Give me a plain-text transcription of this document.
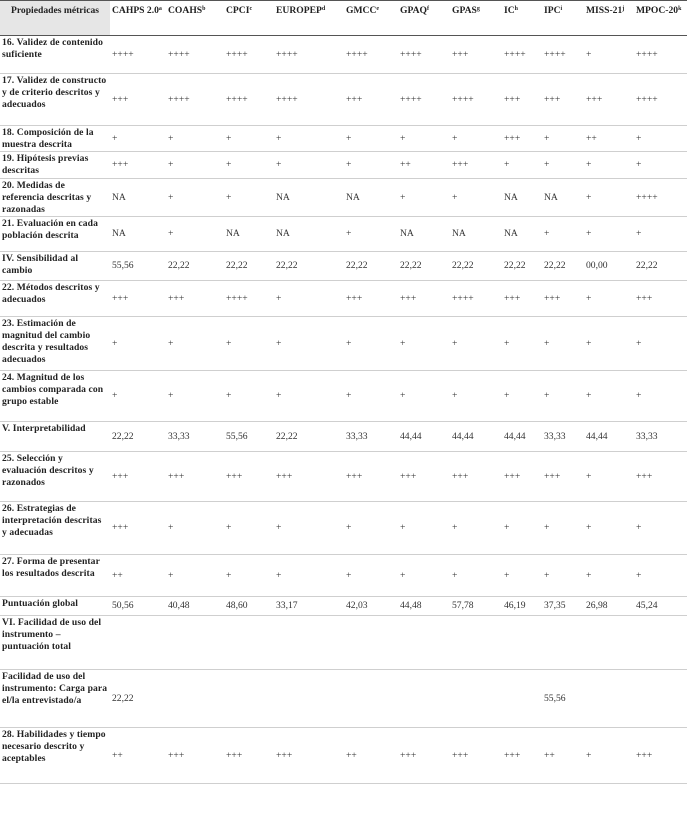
Propiedades métricas	CAHPS 2.0$^a$	COAHS$^b$	CPCI$^c$	EUROPEP$^d$	GMCC$^e$	GPAQ$^f$	GPAS$^g$	$IC^h$	IPC$^i$	MISS-21$^j$	MPOC-20$^k$
16. Validez de contenido suficiente	++++	++++	++++	++++	++++	++++	+++	++++	++++	+	++++
17. Validez de constructo y de criterio descritos y adecuados	+++	++++	++++	++++	+++	++++	++++	+++	+++	+++	++++
18. Composición de la muestra descrita	+	+	+	+	+	+	+	+++	+	++	+
19. Hipótesis previas descritas	+++	+	+	+	+	++	+++	+	+	+	+
20. Medidas de referencia descritas y razonadas	NA	+	+	NA	NA	+	+	NA	NA	+	++++
21. Evaluación en cada población descrita	NA	+	NA	NA	+	NA	NA	NA	+	+	+
IV. Sensibilidad al cambio	55,56	22,22	22,22	22,22	22,22	22,22	22,22	22,22	22,22	00,00	22,22
22. Métodos descritos y adecuados	+++	+++	++++	+	+++	+++	++++	+++	+++	+	+++
23. Estimación de magnitud del cambio descrita y resultados adecuados	+	+	+	+	+	+	+	+	+	+	+
24. Magnitud de los cambios comparada con grupo estable	+	+	+	+	+	+	+	+	+	+	+
V. Interpretabilidad	22,22	33,33	55,56	22,22	33,33	44,44	44,44	44,44	33,33	44,44	33,33
25. Selección y evaluación descritos y razonados	+++	+++	+++	+++	+++	+++	+++	+++	+++	+	+++
26. Estrategias de interpretación descritas y adecuadas	+++	+	+	+	+	+	+	+	+	+	+
27. Forma de presentar los resultados descrita	++	+	+	+	+	+	+	+	+	+	+
Puntuación global	50,56	40,48	48,60	33,17	42,03	44,48	57,78	46,19	37,35	26,98	45,24
VI. Facilidad de uso del instrumento – puntuación total											
Facilidad de uso del instrumento: Carga para el/la entrevistado/a	22,22								55,56		
28. Habilidades y tiempo necesario descrito y aceptables	++	+++	+++	+++	++	+++	+++	+++	++	+	+++
